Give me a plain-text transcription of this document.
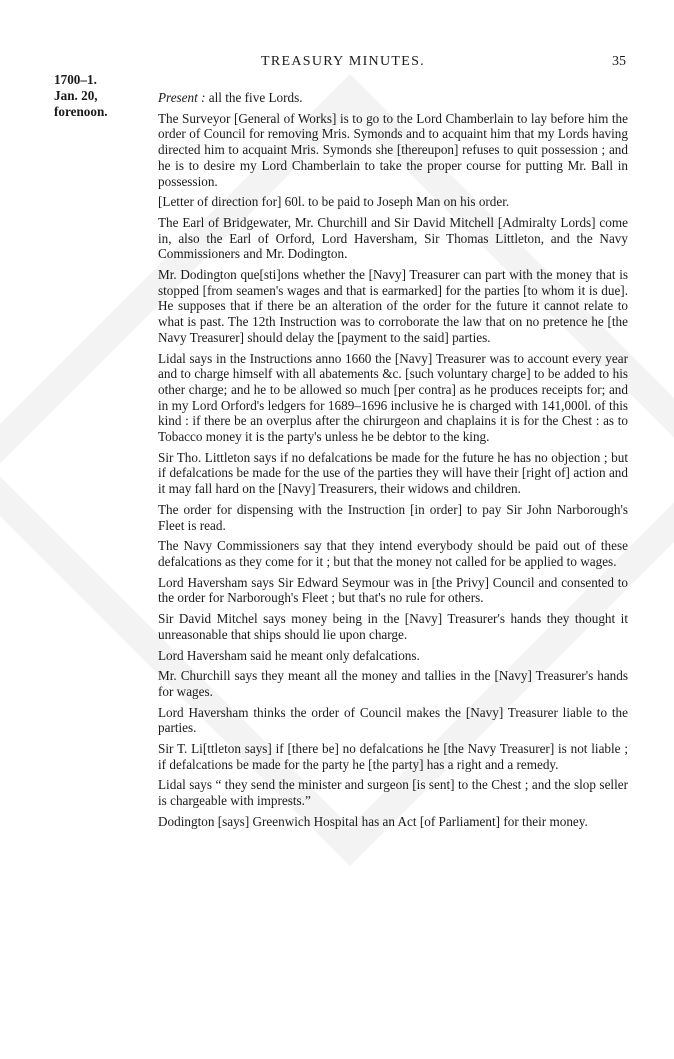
TREASURY MINUTES.	35
1700–1.
Jan. 20,
forenoon.

Present : all the five Lords.

The Surveyor [General of Works] is to go to the Lord Chamberlain to lay before him the order of Council for removing Mris. Symonds and to acquaint him that my Lords having directed him to acquaint Mris. Symonds she [thereupon] refuses to quit possession ; and he is to desire my Lord Chamberlain to take the proper course for putting Mr. Ball in possession.

[Letter of direction for] 60l. to be paid to Joseph Man on his order.

The Earl of Bridgewater, Mr. Churchill and Sir David Mitchell [Admiralty Lords] come in, also the Earl of Orford, Lord Haversham, Sir Thomas Littleton, and the Navy Commissioners and Mr. Dodington.

Mr. Dodington que[sti]ons whether the [Navy] Treasurer can part with the money that is stopped [from seamen's wages and that is earmarked] for the parties [to whom it is due]. He supposes that if there be an alteration of the order for the future it cannot relate to what is past. The 12th Instruction was to corroborate the law that on no pretence he [the Navy Treasurer] should delay the [payment to the said] parties.

Lidal says in the Instructions anno 1660 the [Navy] Treasurer was to account every year and to charge himself with all abatements &c. [such voluntary charge] to be added to his other charge; and he to be allowed so much [per contra] as he produces receipts for; and in my Lord Orford's ledgers for 1689–1696 inclusive he is charged with 141,000l. of this kind : if there be an overplus after the chirurgeon and chaplains it is for the Chest : as to Tobacco money it is the party's unless he be debtor to the king.

Sir Tho. Littleton says if no defalcations be made for the future he has no objection ; but if defalcations be made for the use of the parties they will have their [right of] action and it may fall hard on the [Navy] Treasurers, their widows and children.

The order for dispensing with the Instruction [in order] to pay Sir John Narborough's Fleet is read.

The Navy Commissioners say that they intend everybody should be paid out of these defalcations as they come for it ; but that the money not called for be applied to wages.

Lord Haversham says Sir Edward Seymour was in [the Privy] Council and consented to the order for Narborough's Fleet ; but that's no rule for others.

Sir David Mitchel says money being in the [Navy] Treasurer's hands they thought it unreasonable that ships should lie upon charge.

Lord Haversham said he meant only defalcations.

Mr. Churchill says they meant all the money and tallies in the [Navy] Treasurer's hands for wages.

Lord Haversham thinks the order of Council makes the [Navy] Treasurer liable to the parties.

Sir T. Li[ttleton says] if [there be] no defalcations he [the Navy Treasurer] is not liable ; if defalcations be made for the party he [the party] has a right and a remedy.

Lidal says “ they send the minister and surgeon [is sent] to the Chest ; and the slop seller is chargeable with imprests.”

Dodington [says] Greenwich Hospital has an Act [of Parliament] for their money.
